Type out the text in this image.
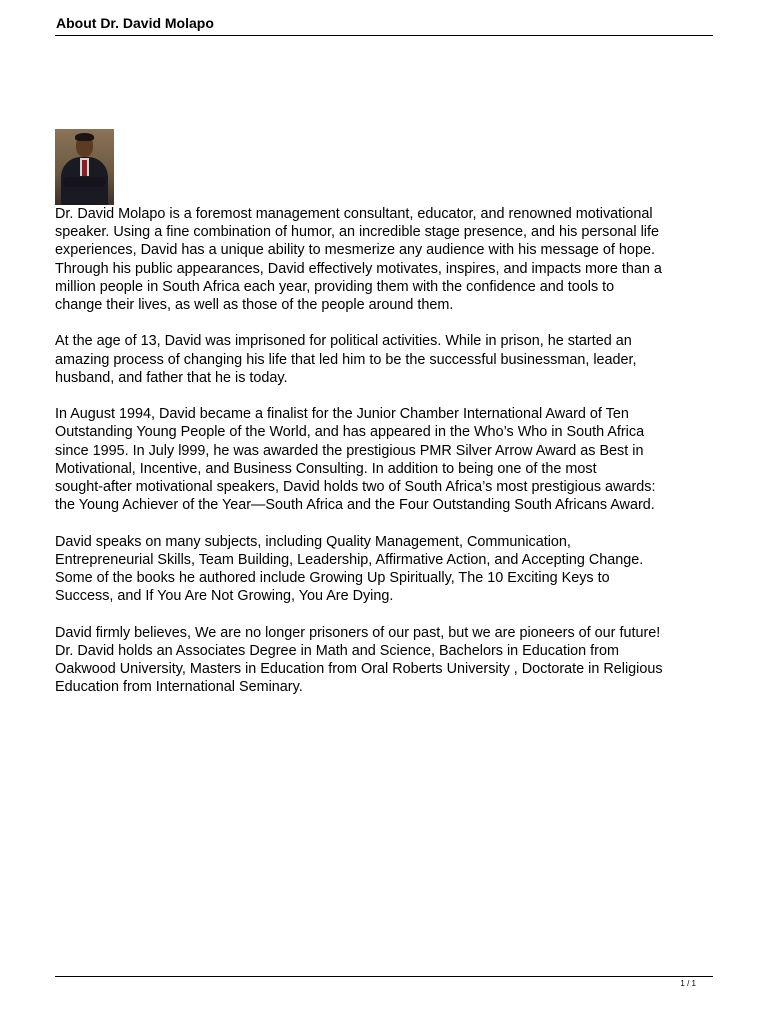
About Dr. David Molapo

Dr. David Molapo is a foremost management consultant, educator, and renowned motivational
speaker. Using a fine combination of humor, an incredible stage presence, and his personal life
experiences, David has a unique ability to mesmerize any audience with his message of hope.
Through his public appearances, David effectively motivates, inspires, and impacts more than a
million people in South Africa each year, providing them with the confidence and tools to
change their lives, as well as those of the people around them.

At the age of 13, David was imprisoned for political activities. While in prison, he started an
amazing process of changing his life that led him to be the successful businessman, leader,
husband, and father that he is today.

In August 1994, David became a finalist for the Junior Chamber International Award of Ten
Outstanding Young People of the World, and has appeared in the Who’s Who in South Africa
since 1995. In July l999, he was awarded the prestigious PMR Silver Arrow Award as Best in
Motivational, Incentive, and Business Consulting. In addition to being one of the most
sought-after motivational speakers, David holds two of South Africa’s most prestigious awards:
the Young Achiever of the Year—South Africa and the Four Outstanding South Africans Award.

David speaks on many subjects, including Quality Management, Communication,
Entrepreneurial Skills, Team Building, Leadership, Affirmative Action, and Accepting Change.
Some of the books he authored include Growing Up Spiritually, The 10 Exciting Keys to
Success, and If You Are Not Growing, You Are Dying.

David firmly believes, We are no longer prisoners of our past, but we are pioneers of our future!
Dr. David holds an Associates Degree in Math and Science, Bachelors in Education from
Oakwood University, Masters in Education from Oral Roberts University , Doctorate in Religious
Education from International Seminary.

1 / 1
